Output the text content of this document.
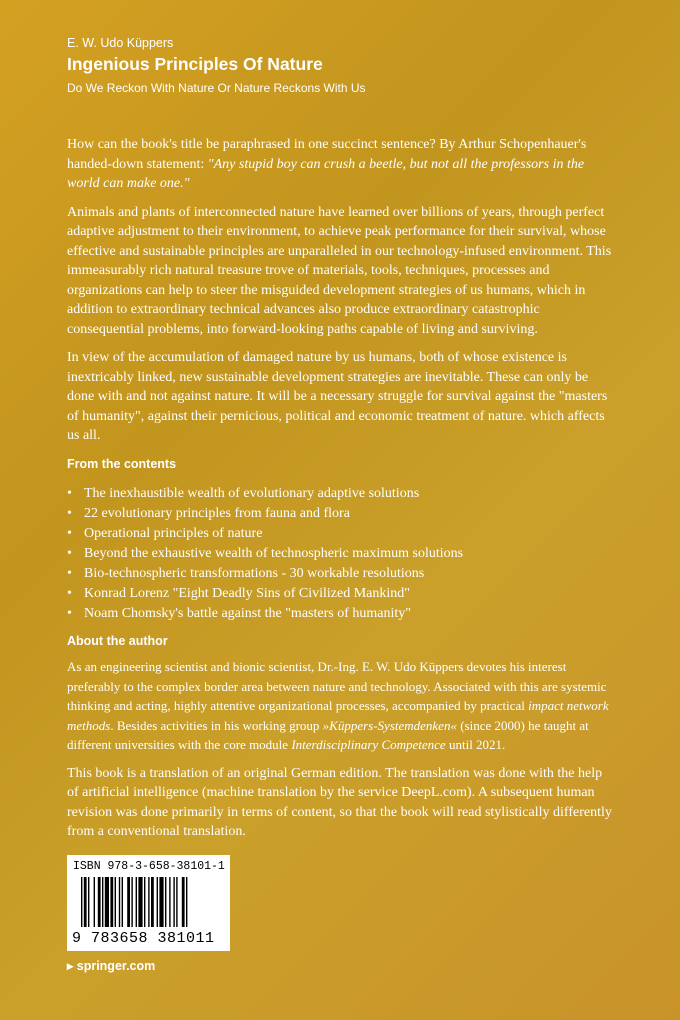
E. W. Udo Küppers
Ingenious Principles Of Nature
Do We Reckon With Nature Or Nature Reckons With Us

How can the book's title be paraphrased in one succinct sentence? By Arthur Schopenhauer's handed-down statement: "Any stupid boy can crush a beetle, but not all the professors in the world can make one."

Animals and plants of interconnected nature have learned over billions of years, through perfect adaptive adjustment to their environment, to achieve peak performance for their survival, whose effective and sustainable principles are unparalleled in our technology-infused environment. This immeasurably rich natural treasure trove of materials, tools, techniques, processes and organizations can help to steer the misguided development strategies of us humans, which in addition to extraordinary technical advances also produce extraordinary catastrophic consequential problems, into forward-looking paths capable of living and surviving.

In view of the accumulation of damaged nature by us humans, both of whose existence is inextricably linked, new sustainable development strategies are inevitable. These can only be done with and not against nature. It will be a necessary struggle for survival against the "masters of humanity", against their pernicious, political and economic treatment of nature. which affects us all.

From the contents
• The inexhaustible wealth of evolutionary adaptive solutions
• 22 evolutionary principles from fauna and flora
• Operational principles of nature
• Beyond the exhaustive wealth of technospheric maximum solutions
• Bio-technospheric transformations - 30 workable resolutions
• Konrad Lorenz "Eight Deadly Sins of Civilized Mankind"
• Noam Chomsky's battle against the "masters of humanity"
About the author

As an engineering scientist and bionic scientist, Dr.-Ing. E. W. Udo Küppers devotes his interest preferably to the complex border area between nature and technology. Associated with this are systemic thinking and acting, highly attentive organizational processes, accompanied by practical impact network methods. Besides activities in his working group »Küppers-Systemdenken« (since 2000) he taught at different universities with the core module Interdisciplinary Competence until 2021.

This book is a translation of an original German edition. The translation was done with the help of artificial intelligence (machine translation by the service DeepL.com). A subsequent human revision was done primarily in terms of content, so that the book will read stylistically differently from a conventional translation.

ISBN 978-3-658-38101-1
9 783658 381011
▸ springer.com
